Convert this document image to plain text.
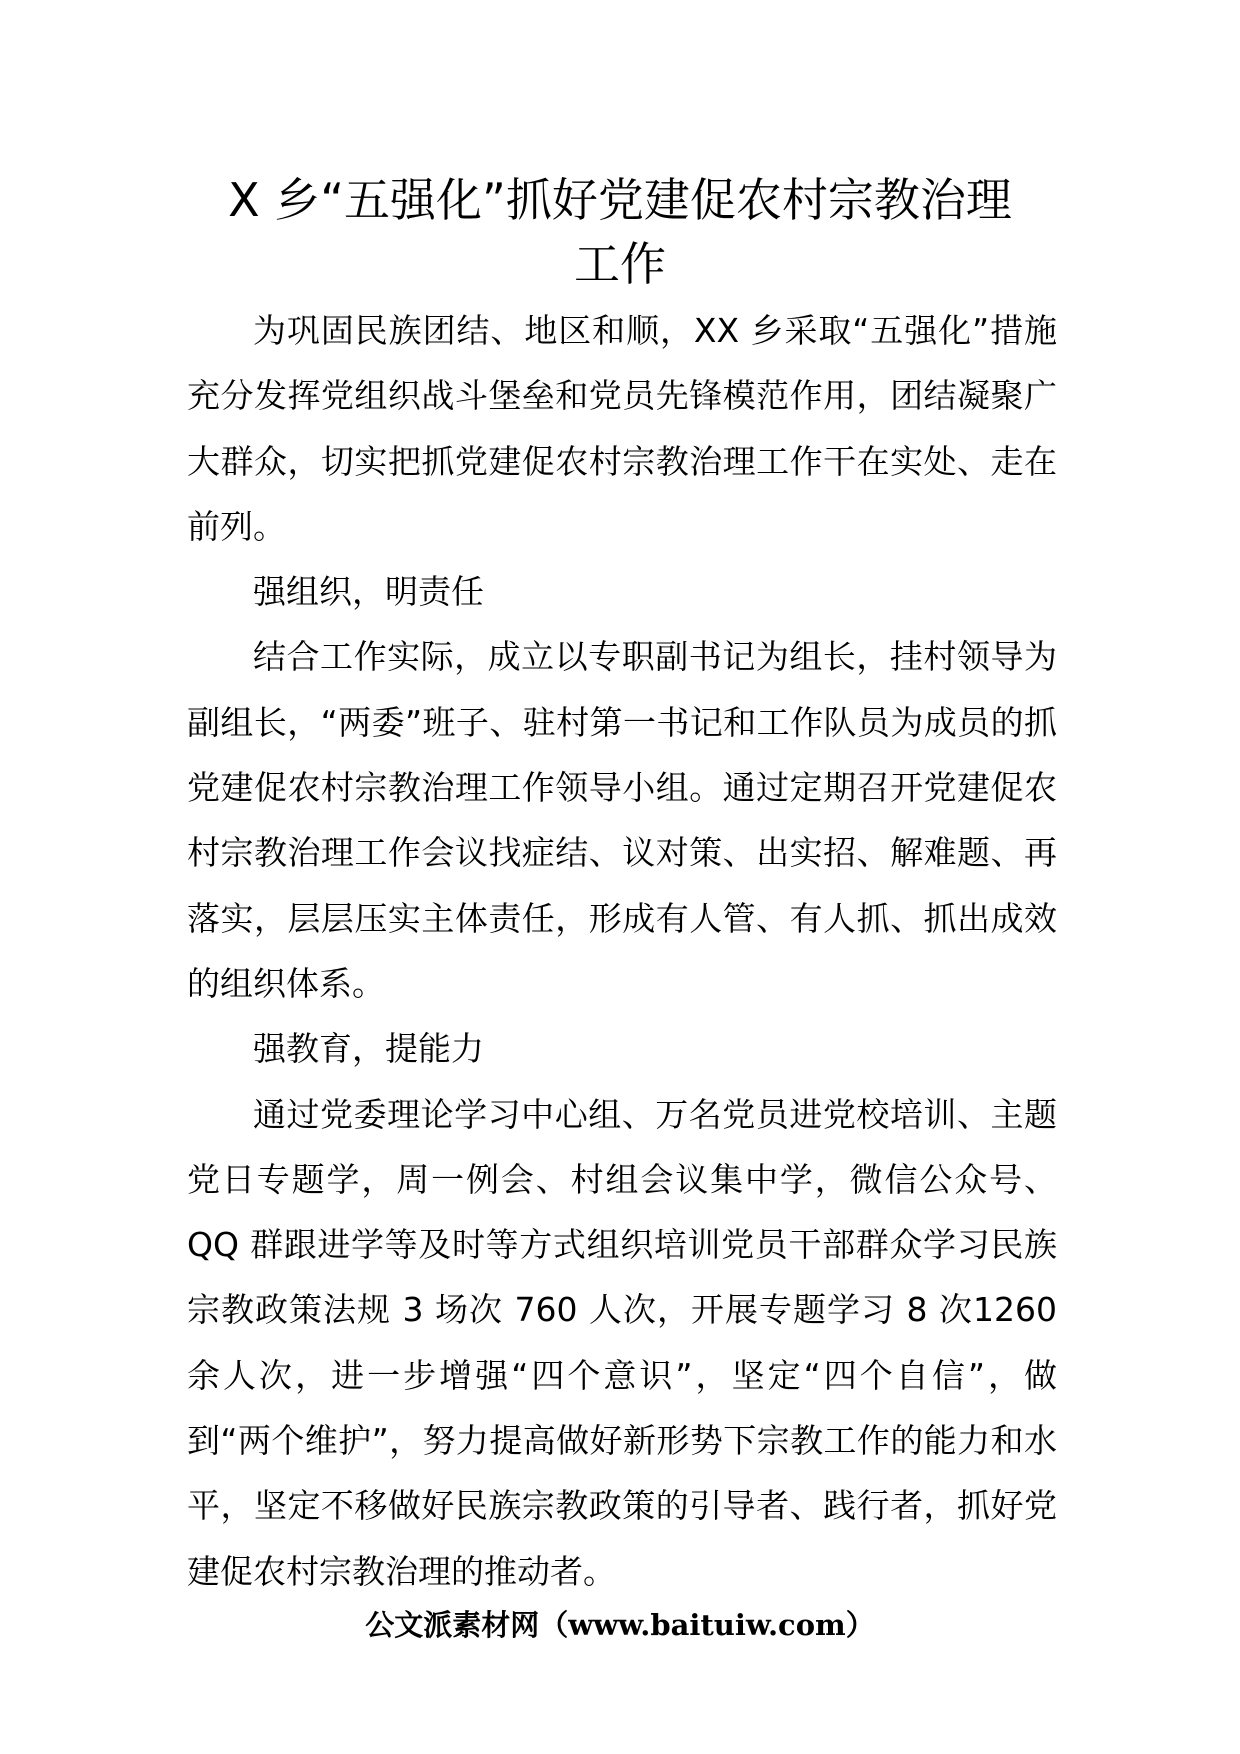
X 乡“五强化”抓好党建促农村宗教治理
工作

为巩固民族团结、地区和顺，XX 乡采取“五强化”措施充分发挥党组织战斗堡垒和党员先锋模范作用，团结凝聚广大群众，切实把抓党建促农村宗教治理工作干在实处、走在前列。

强组织，明责任

结合工作实际，成立以专职副书记为组长，挂村领导为副组长，“两委”班子、驻村第一书记和工作队员为成员的抓党建促农村宗教治理工作领导小组。通过定期召开党建促农村宗教治理工作会议找症结、议对策、出实招、解难题、再落实，层层压实主体责任，形成有人管、有人抓、抓出成效的组织体系。

强教育，提能力

通过党委理论学习中心组、万名党员进党校培训、主题党日专题学，周一例会、村组会议集中学，微信公众号、QQ 群跟进学等及时等方式组织培训党员干部群众学习民族宗教政策法规 3 场次 760 人次，开展专题学习 8 次1260 余人次，进一步增强“四个意识”，坚定“四个自信”，做到“两个维护”，努力提高做好新形势下宗教工作的能力和水平，坚定不移做好民族宗教政策的引导者、践行者，抓好党建促农村宗教治理的推动者。

公文派素材网（www.baituiw.com）
